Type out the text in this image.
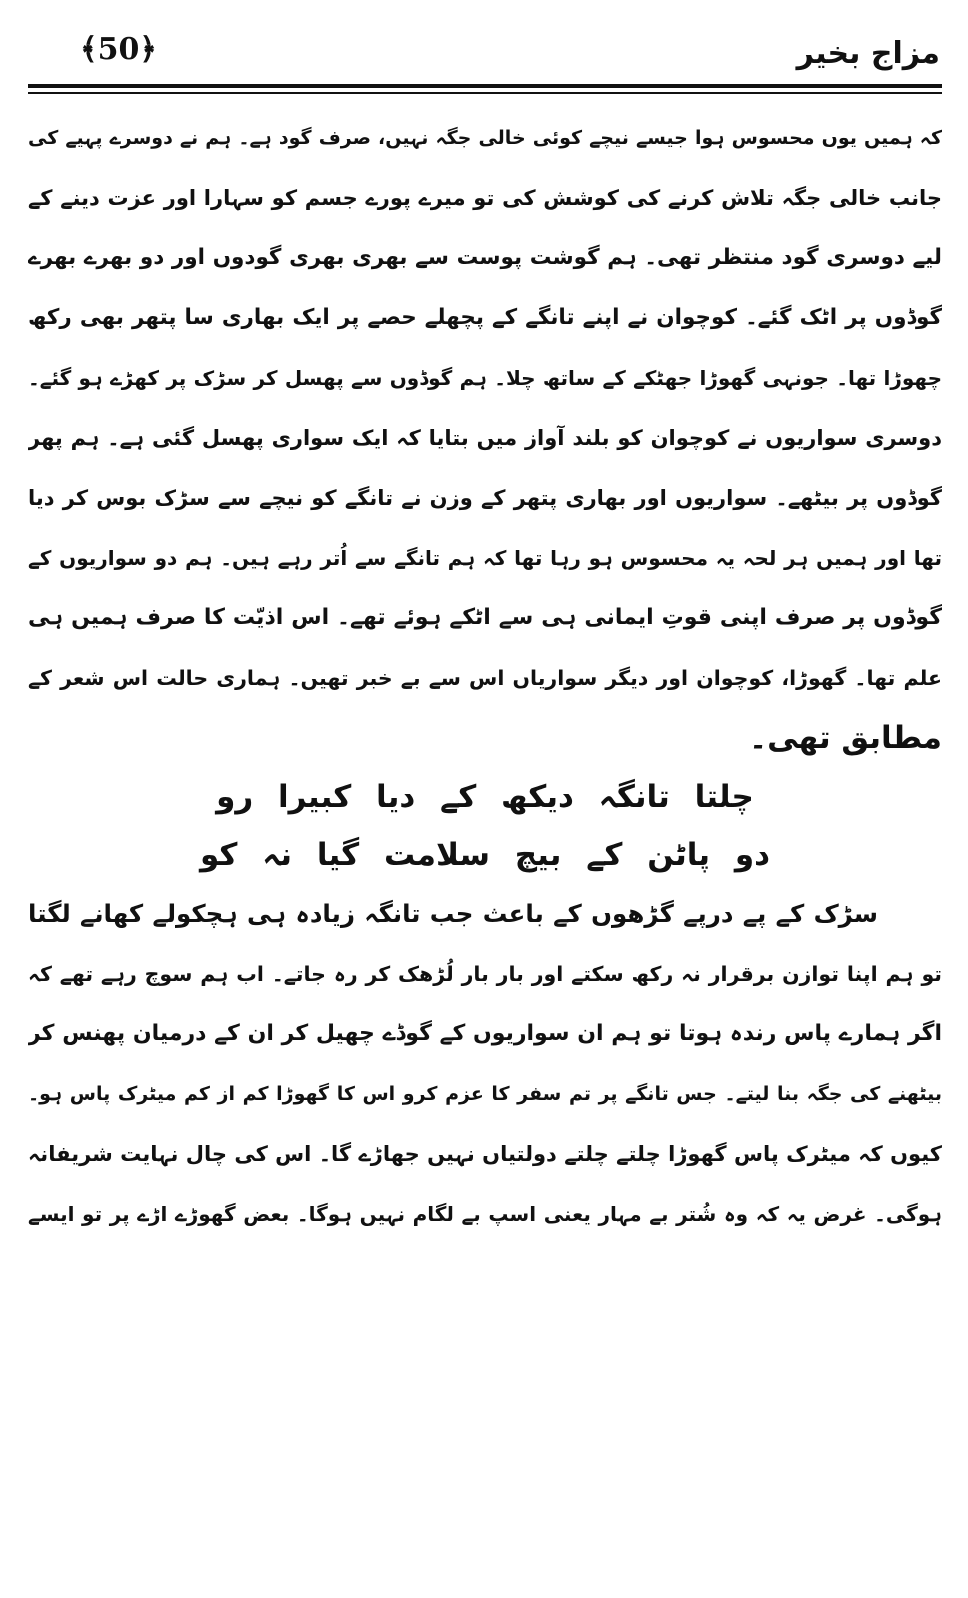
﴾50﴿	مزاج بخیر
کہ ہمیں یوں محسوس ہوا جیسے نیچے کوئی خالی جگہ نہیں، صرف گود ہے۔ ہم نے دوسرے پہیے کی
جانب خالی جگہ تلاش کرنے کی کوشش کی تو میرے پورے جسم کو سہارا اور عزت دینے کے
لیے دوسری گود منتظر تھی۔ ہم گوشت پوست سے بھری بھری گودوں اور دو بھرے بھرے
گوڈوں پر اٹک گئے۔ کوچوان نے اپنے تانگے کے پچھلے حصے پر ایک بھاری سا پتھر بھی رکھ
چھوڑا تھا۔ جونہی گھوڑا جھٹکے کے ساتھ چلا۔ ہم گوڈوں سے پھسل کر سڑک پر کھڑے ہو گئے۔
دوسری سواریوں نے کوچوان کو بلند آواز میں بتایا کہ ایک سواری پھسل گئی ہے۔ ہم پھر
گوڈوں پر بیٹھے۔ سواریوں اور بھاری پتھر کے وزن نے تانگے کو نیچے سے سڑک بوس کر دیا
تھا اور ہمیں ہر لحہ یہ محسوس ہو رہا تھا کہ ہم تانگے سے اُتر رہے ہیں۔ ہم دو سواریوں کے
گوڈوں پر صرف اپنی قوتِ ایمانی ہی سے اٹکے ہوئے تھے۔ اس اذیّت کا صرف ہمیں ہی
علم تھا۔ گھوڑا، کوچوان اور دیگر سواریاں اس سے بے خبر تھیں۔ ہماری حالت اس شعر کے
مطابق تھی۔
چلتا تانگہ دیکھ کے دیا کبیرا رو
دو پاٹن کے بیچ سلامت گیا نہ کو
سڑک کے پے درپے گڑھوں کے باعث جب تانگہ زیادہ ہی ہچکولے کھانے لگتا
تو ہم اپنا توازن برقرار نہ رکھ سکتے اور بار بار لُڑھک کر رہ جاتے۔ اب ہم سوچ رہے تھے کہ
اگر ہمارے پاس رندہ ہوتا تو ہم ان سواریوں کے گوڈے چھیل کر ان کے درمیان پھنس کر
بیٹھنے کی جگہ بنا لیتے۔ جس تانگے پر تم سفر کا عزم کرو اس کا گھوڑا کم از کم میٹرک پاس ہو۔
کیوں کہ میٹرک پاس گھوڑا چلتے چلتے دولتیاں نہیں جھاڑے گا۔ اس کی چال نہایت شریفانہ
ہوگی۔ غرض یہ کہ وہ شُتر بے مہار یعنی اسپ بے لگام نہیں ہوگا۔ بعض گھوڑے اڑے پر تو ایسے
